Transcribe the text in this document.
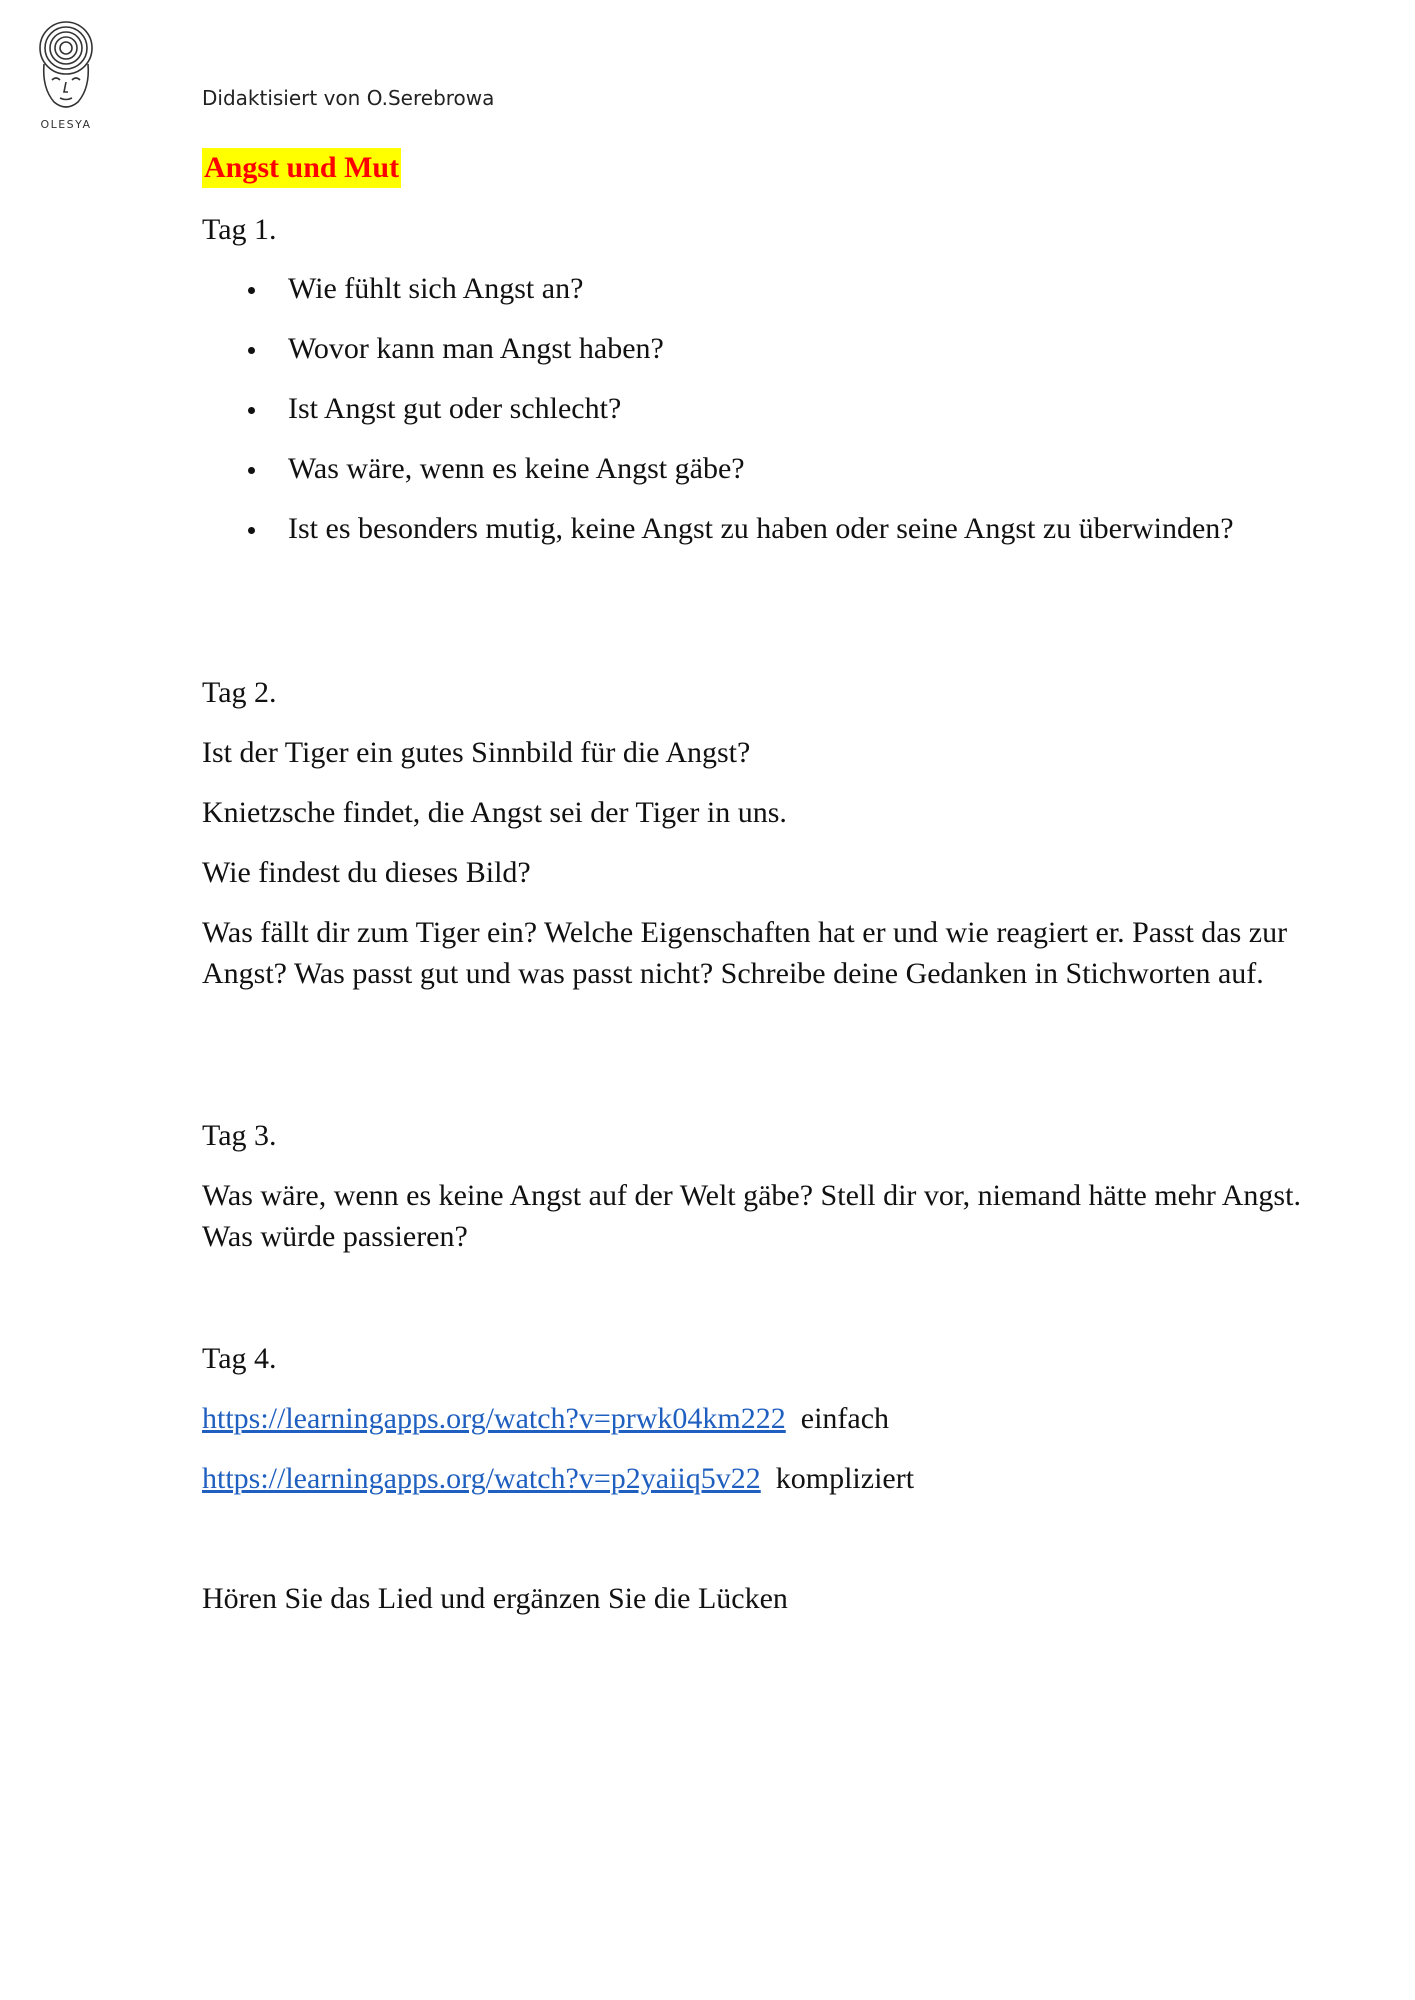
OLESYA
Didaktisiert von O.Serebrowa
Angst und Mut
Tag 1.
Wie fühlt sich Angst an?
Wovor kann man Angst haben?
Ist Angst gut oder schlecht?
Was wäre, wenn es keine Angst gäbe?
Ist es besonders mutig, keine Angst zu haben oder seine Angst zu überwinden?
Tag 2.
Ist der Tiger ein gutes Sinnbild für die Angst?
Knietzsche findet, die Angst sei der Tiger in uns.
Wie findest du dieses Bild?
Was fällt dir zum Tiger ein? Welche Eigenschaften hat er und wie reagiert er. Passt das zur Angst? Was passt gut und was passt nicht? Schreibe deine Gedanken in Stichworten auf.
Tag 3.
Was wäre, wenn es keine Angst auf der Welt gäbe? Stell dir vor, niemand hätte mehr Angst. Was würde passieren?
Tag 4.
https://learningapps.org/watch?v=prwk04km222 einfach
https://learningapps.org/watch?v=p2yaiiq5v22 kompliziert
Hören Sie das Lied und ergänzen Sie die Lücken
